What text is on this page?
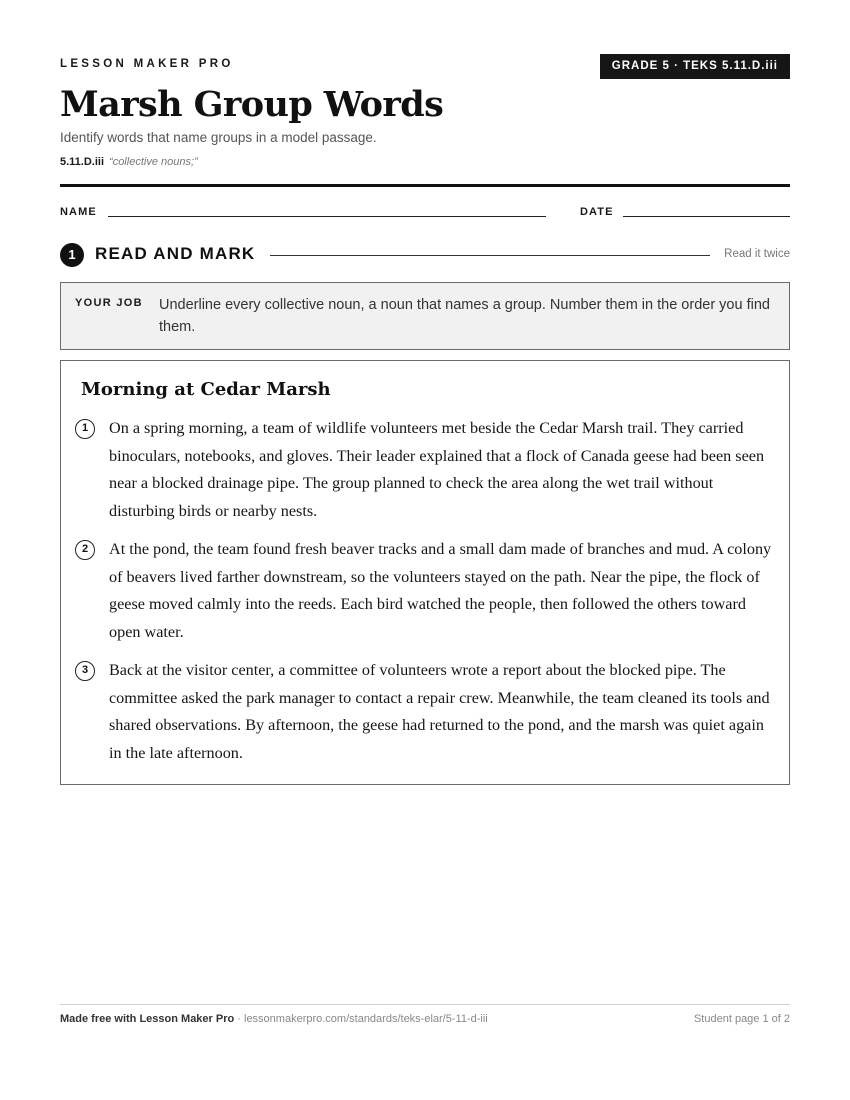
LESSON MAKER PRO	GRADE 5 · TEKS 5.11.D.iii
Marsh Group Words
Identify words that name groups in a model passage.
5.11.D.iii “collective nouns;”
NAME	DATE
1	READ AND MARK	Read it twice
YOUR JOB Underline every collective noun, a noun that names a group. Number them in the order you find them.
Morning at Cedar Marsh
1	On a spring morning, a team of wildlife volunteers met beside the Cedar Marsh trail. They carried binoculars, notebooks, and gloves. Their leader explained that a flock of Canada geese had been seen near a blocked drainage pipe. The group planned to check the area along the wet trail without disturbing birds or nearby nests.
2	At the pond, the team found fresh beaver tracks and a small dam made of branches and mud. A colony of beavers lived farther downstream, so the volunteers stayed on the path. Near the pipe, the flock of geese moved calmly into the reeds. Each bird watched the people, then followed the others toward open water.
3	Back at the visitor center, a committee of volunteers wrote a report about the blocked pipe. The committee asked the park manager to contact a repair crew. Meanwhile, the team cleaned its tools and shared observations. By afternoon, the geese had returned to the pond, and the marsh was quiet again in the late afternoon.
Made free with Lesson Maker Pro · lessonmakerpro.com/standards/teks-elar/5-11-d-iii	Student page 1 of 2
